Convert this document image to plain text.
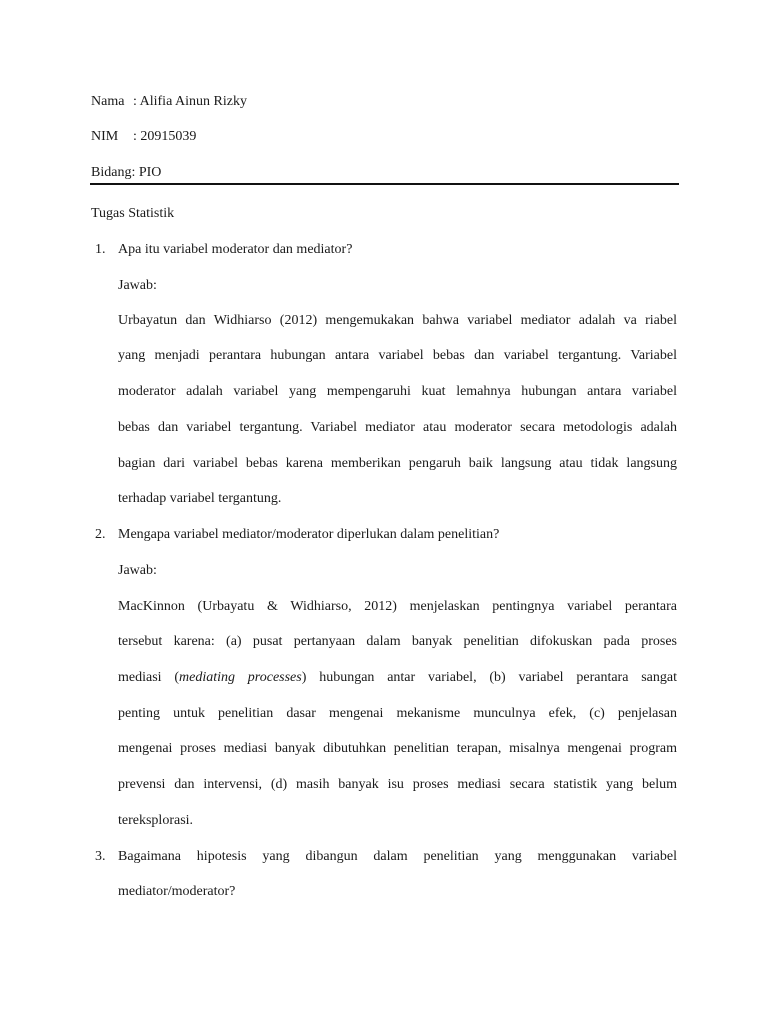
Nama : Alifia Ainun Rizky
NIM : 20915039
Bidang: PIO
Tugas Statistik
1. Apa itu variabel moderator dan mediator?
Jawab:
Urbayatun dan Widhiarso (2012) mengemukakan bahwa variabel mediator adalah va riabel
yang menjadi perantara hubungan antara variabel bebas dan variabel tergantung. Variabel
moderator adalah variabel yang mempengaruhi kuat lemahnya hubungan antara variabel
bebas dan variabel tergantung. Variabel mediator atau moderator secara metodologis adalah
bagian dari variabel bebas karena memberikan pengaruh baik langsung atau tidak langsung
terhadap variabel tergantung.
2. Mengapa variabel mediator/moderator diperlukan dalam penelitian?
Jawab:
MacKinnon (Urbayatu & Widhiarso, 2012) menjelaskan pentingnya variabel perantara
tersebut karena: (a) pusat pertanyaan dalam banyak penelitian difokuskan pada proses
mediasi (mediating processes) hubungan antar variabel, (b) variabel perantara sangat
penting untuk penelitian dasar mengenai mekanisme munculnya efek, (c) penjelasan
mengenai proses mediasi banyak dibutuhkan penelitian terapan, misalnya mengenai program
prevensi dan intervensi, (d) masih banyak isu proses mediasi secara statistik yang belum
tereksplorasi.
3. Bagaimana hipotesis yang dibangun dalam penelitian yang menggunakan variabel
mediator/moderator?
